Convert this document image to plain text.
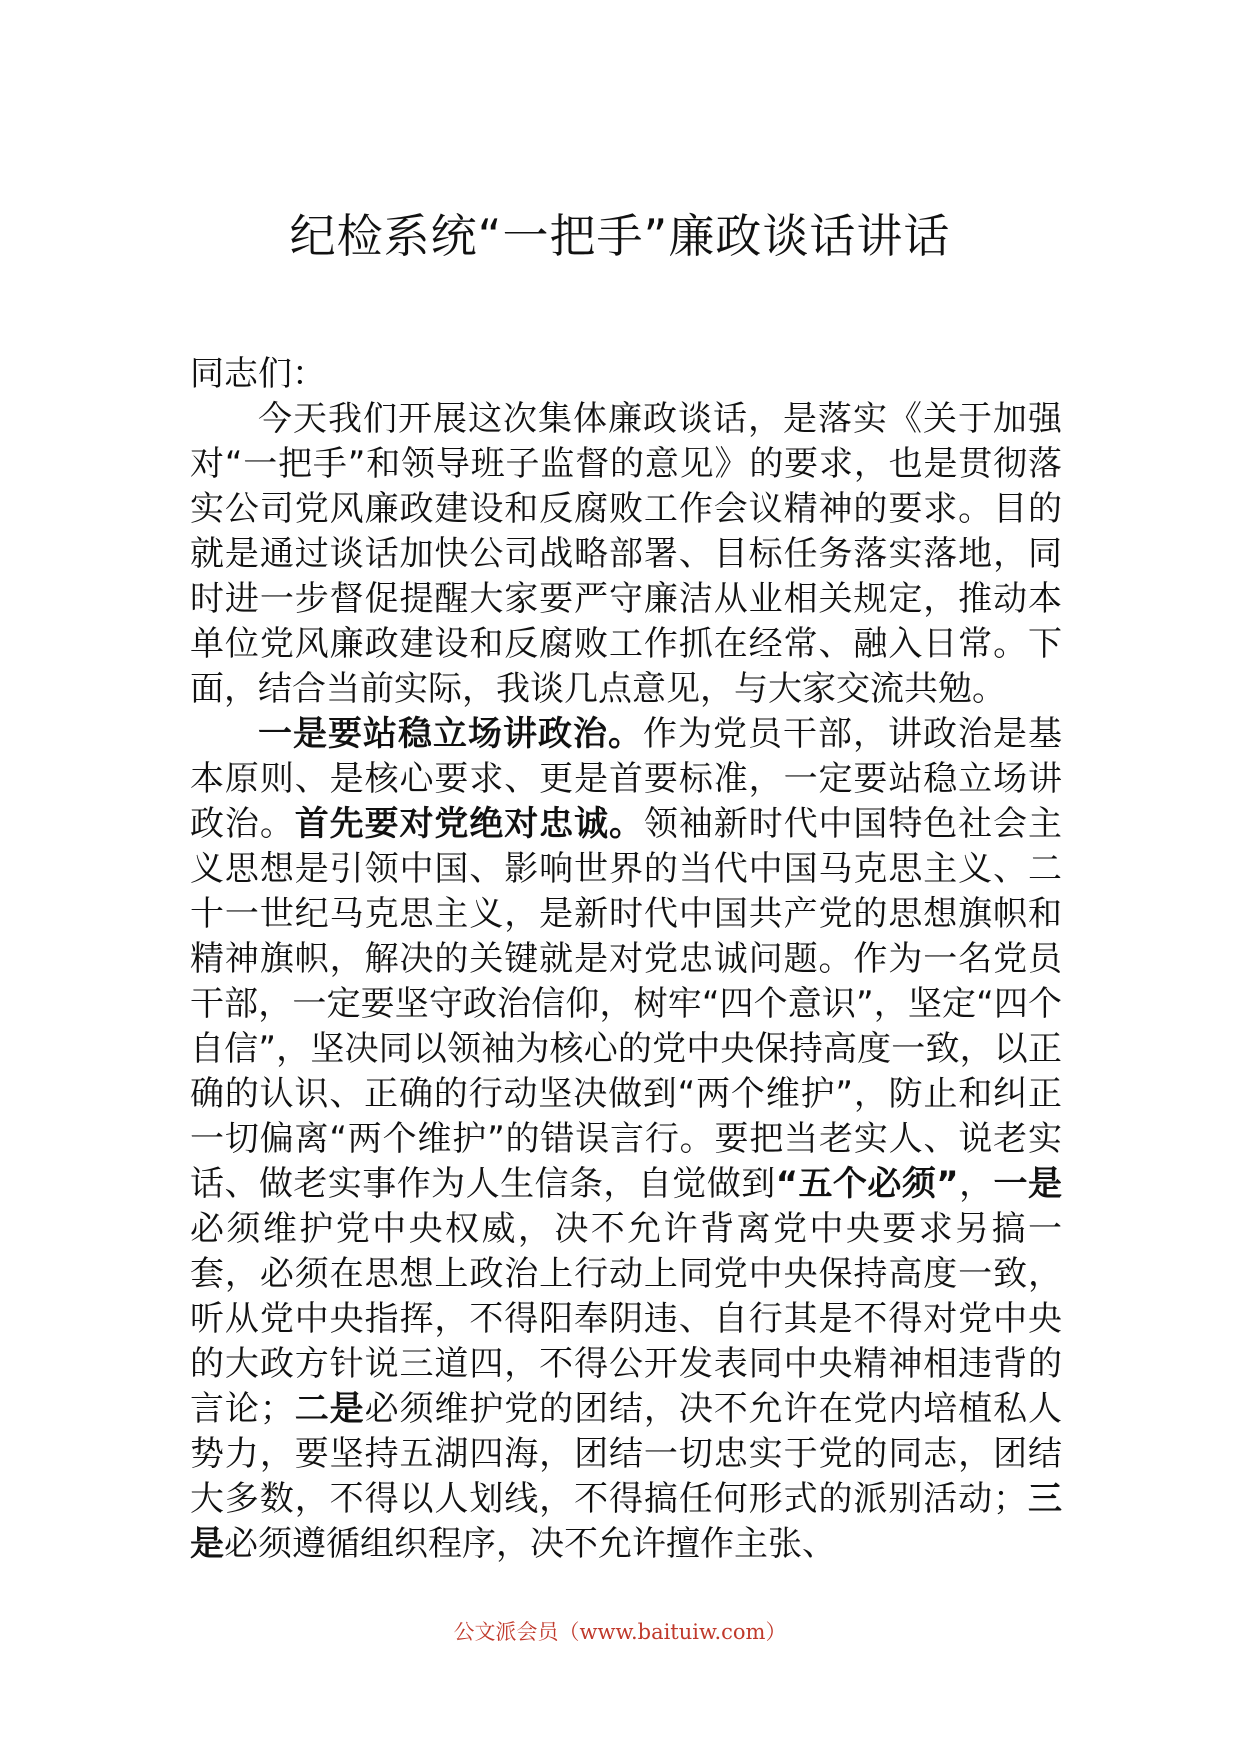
纪检系统“一把手”廉政谈话讲话

同志们：

今天我们开展这次集体廉政谈话，是落实《关于加强对“一把手”和领导班子监督的意见》的要求，也是贯彻落实公司党风廉政建设和反腐败工作会议精神的要求。目的就是通过谈话加快公司战略部署、目标任务落实落地，同时进一步督促提醒大家要严守廉洁从业相关规定，推动本单位党风廉政建设和反腐败工作抓在经常、融入日常。下面，结合当前实际，我谈几点意见，与大家交流共勉。

一是要站稳立场讲政治。作为党员干部，讲政治是基本原则、是核心要求、更是首要标准，一定要站稳立场讲政治。首先要对党绝对忠诚。领袖新时代中国特色社会主义思想是引领中国、影响世界的当代中国马克思主义、二十一世纪马克思主义，是新时代中国共产党的思想旗帜和精神旗帜，解决的关键就是对党忠诚问题。作为一名党员干部，一定要坚守政治信仰，树牢“四个意识”，坚定“四个自信”，坚决同以领袖为核心的党中央保持高度一致，以正确的认识、正确的行动坚决做到“两个维护”，防止和纠正一切偏离“两个维护”的错误言行。要把当老实人、说老实话、做老实事作为人生信条，自觉做到“五个必须”，一是必须维护党中央权威，决不允许背离党中央要求另搞一套，必须在思想上政治上行动上同党中央保持高度一致，听从党中央指挥，不得阳奉阴违、自行其是不得对党中央的大政方针说三道四，不得公开发表同中央精神相违背的言论；二是必须维护党的团结，决不允许在党内培植私人势力，要坚持五湖四海，团结一切忠实于党的同志，团结大多数，不得以人划线，不得搞任何形式的派别活动；三是必须遵循组织程序，决不允许擅作主张、

公文派会员（www.baituiw.com）
